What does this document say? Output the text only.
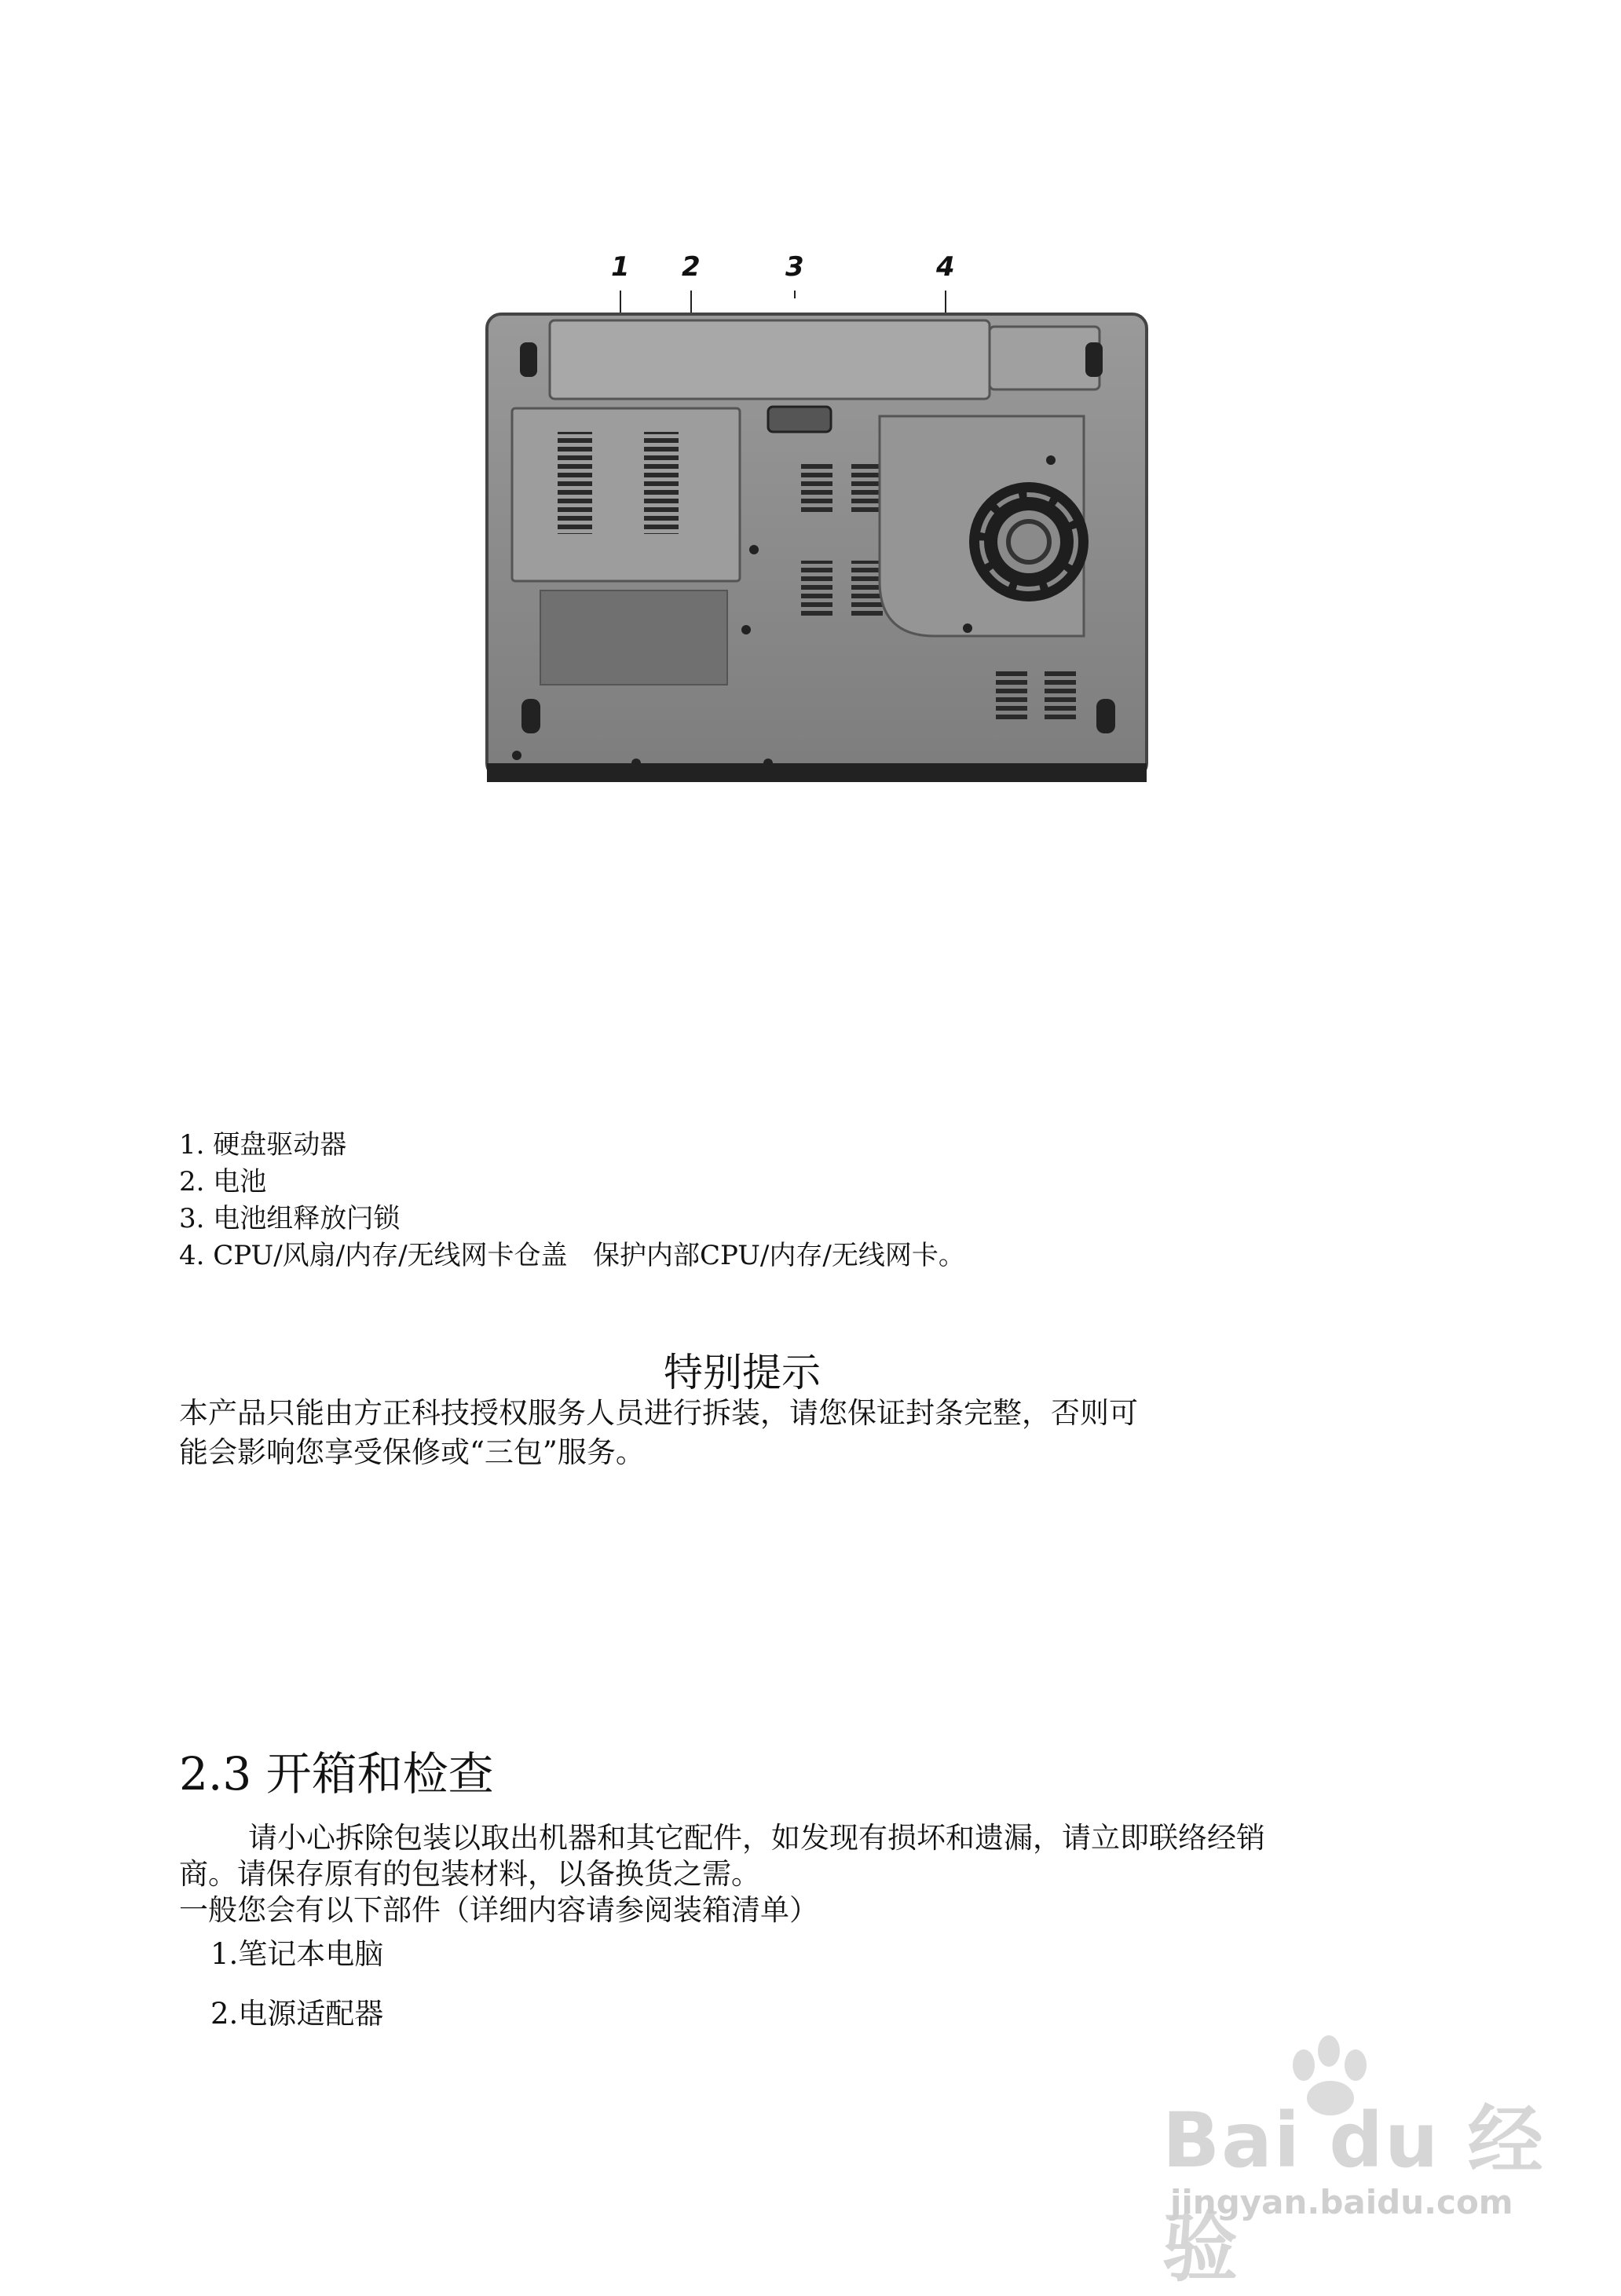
1 2	3	4
1. 硬盘驱动器
2. 电池
3. 电池组释放闩锁
4. CPU/风扇/内存/无线网卡仓盖   保护内部CPU/内存/无线网卡。
特别提示
本产品只能由方正科技授权服务人员进行拆装，请您保证封条完整，否则可
能会影响您享受保修或“三包”服务。
2.3 开箱和检查
请小心拆除包装以取出机器和其它配件，如发现有损坏和遗漏，请立即联络经销
商。请保存原有的包装材料，以备换货之需。
一般您会有以下部件（详细内容请参阅装箱清单）
1.笔记本电脑
2.电源适配器
Bai du 经验
jingyan.baidu.com
